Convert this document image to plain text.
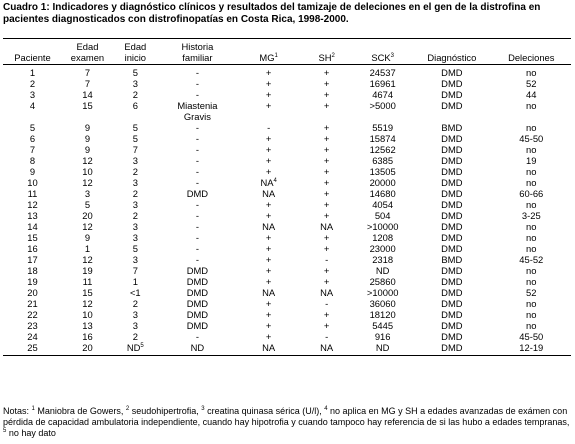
Cuadro 1: Indicadores y diagnóstico clínicos y resultados del tamizaje de deleciones en el gen de la distrofina en
pacientes diagnosticados con distrofinopatías en Costa Rica, 1998-2000.
	Edad	Edad	Historia					
Paciente	examen	inicio	familiar	$MG^1$	$SH^2$	SCK$^3$	Diagnóstico	Deleciones
1	7	5	-	+	+	24537	DMD	no
2	7	3	-	+	+	16961	DMD	52
3	14	2	-	+	+	4674	DMD	44
4	15	6	Miastenia	+	+	>5000	DMD	no
			Gravis					
5	9	5	-	-	+	5519	BMD	no
6	9	5	-	+	+	15874	DMD	45-50
7	9	7	-	+	+	12562	DMD	no
8	12	3	-	+	+	6385	DMD	19
9	10	2	-	+	+	13505	DMD	no
10	12	3	-	$NA^4$	+	20000	DMD	no
11	3	2	DMD	NA	+	14680	DMD	60-66
12	5	3	-	+	+	4054	DMD	no
13	20	2	-	+	+	504	DMD	3-25
14	12	3	-	NA	NA	>10000	DMD	no
15	9	3	-	+	+	1208	DMD	no
16	1	5	-	+	+	23000	DMD	no
17	12	3	-	+	-	2318	BMD	45-52
18	19	7	DMD	+	+	ND	DMD	no
19	11	1	DMD	+	+	25860	DMD	no
20	15	<1	DMD	NA	NA	>10000	DMD	52
21	12	2	DMD	+	-	36060	DMD	no
22	10	3	DMD	+	+	18120	DMD	no
23	13	3	DMD	+	+	5445	DMD	no
24	16	2	-	+	-	916	DMD	45-50
25	20	$ND^5$	ND	NA	NA	ND	DMD	12-19
Notas: $^1$ Maniobra de Gowers, $^2$ seudohipertrofia, $^3$ creatina quinasa sérica (U/l), $^4$ no aplica en MG y SH a edades avanzadas de exámen con pérdida de capacidad ambulatoria independiente, cuando hay hipotrofia y cuando tampoco hay referencia de si las hubo a edades tempranas, $^5$ no hay dato
